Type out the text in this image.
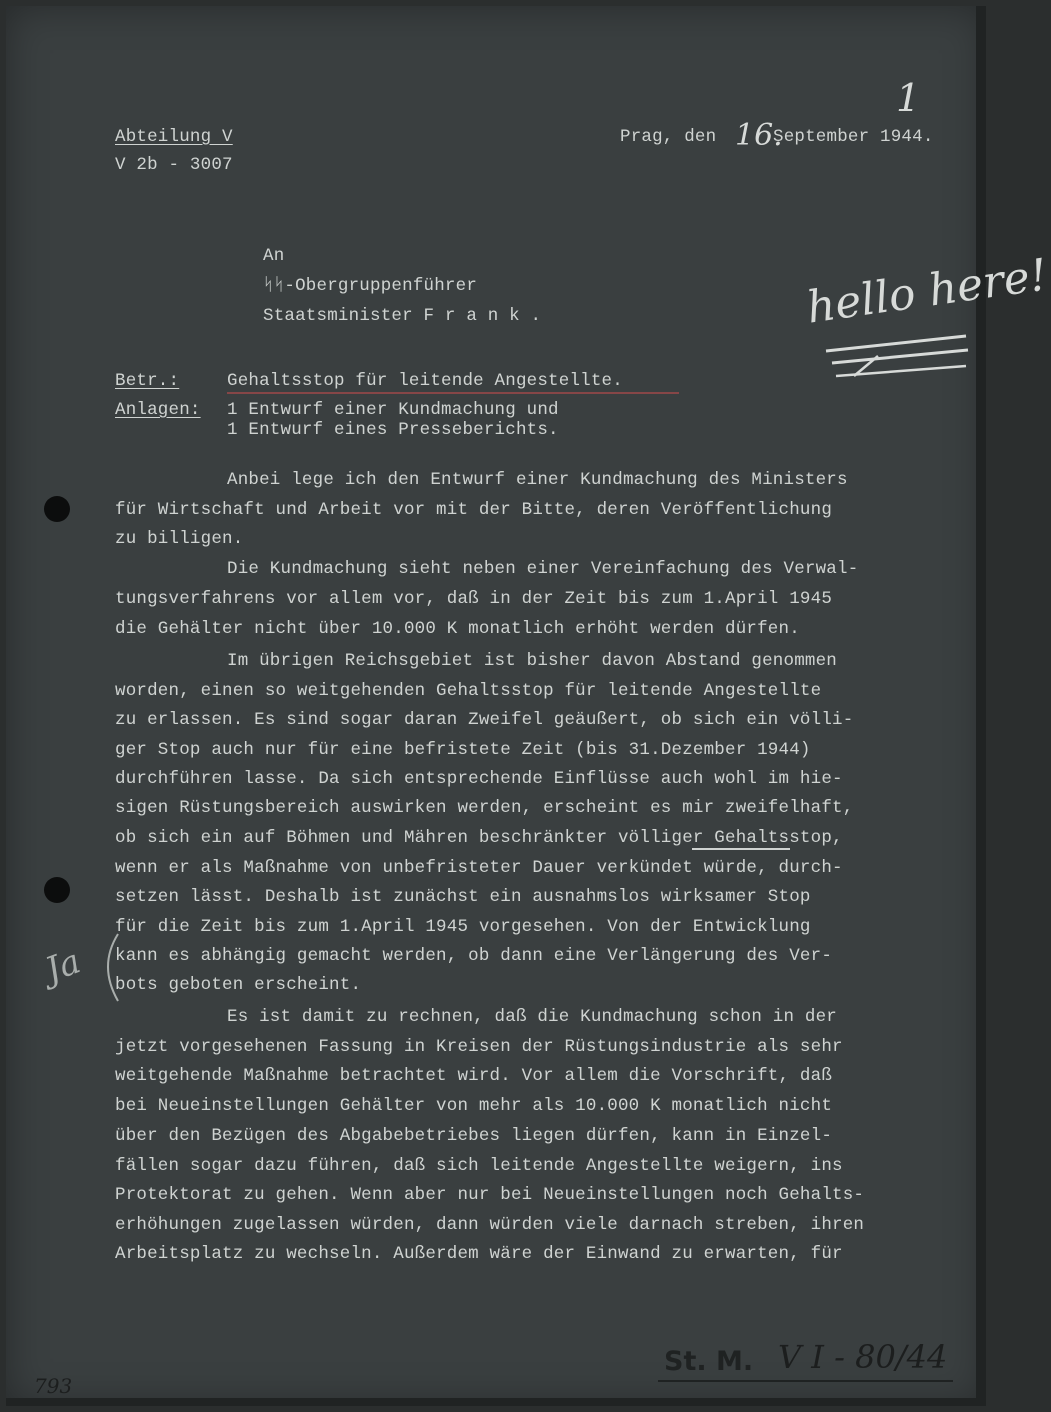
Abteilung V

V 2b - 3007

Prag, den 16.

September 1944.

1

An

ᛋᛋ-Obergruppenführer

Staatsminister F r a n k .	hello here!

Betr.:	Gehaltsstop für leitende Angestellte.

Anlagen: 1 Entwurf einer Kundmachung und

1 Entwurf eines Presseberichts.

Anbei lege ich den Entwurf einer Kundmachung des Ministers

für Wirtschaft und Arbeit vor mit der Bitte, deren Veröffentlichung

zu billigen.

Die Kundmachung sieht neben einer Vereinfachung des Verwal-

tungsverfahrens vor allem vor, daß in der Zeit bis zum 1.April 1945

die Gehälter nicht über 10.000 K monatlich erhöht werden dürfen.

Im übrigen Reichsgebiet ist bisher davon Abstand genommen

worden, einen so weitgehenden Gehaltsstop für leitende Angestellte

zu erlassen. Es sind sogar daran Zweifel geäußert, ob sich ein völli-

ger Stop auch nur für eine befristete Zeit (bis 31.Dezember 1944)

durchführen lasse. Da sich entsprechende Einflüsse auch wohl im hie-

sigen Rüstungsbereich auswirken werden, erscheint es mir zweifelhaft,

ob sich ein auf Böhmen und Mähren beschränkter völliger Gehaltsstop,

wenn er als Maßnahme von unbefristeter Dauer verkündet würde, durch-

setzen lässt. Deshalb ist zunächst ein ausnahmslos wirksamer Stop

für die Zeit bis zum 1.April 1945 vorgesehen. Von der Entwicklung

kann es abhängig gemacht werden, ob dann eine Verlängerung des Ver-

bots geboten erscheint.

Es ist damit zu rechnen, daß die Kundmachung schon in der

jetzt vorgesehenen Fassung in Kreisen der Rüstungsindustrie als sehr

weitgehende Maßnahme betrachtet wird. Vor allem die Vorschrift, daß

bei Neueinstellungen Gehälter von mehr als 10.000 K monatlich nicht

über den Bezügen des Abgabebetriebes liegen dürfen, kann in Einzel-

fällen sogar dazu führen, daß sich leitende Angestellte weigern, ins

Protektorat zu gehen. Wenn aber nur bei Neueinstellungen noch Gehalts-

erhöhungen zugelassen würden, dann würden viele darnach streben, ihren

Arbeitsplatz zu wechseln. Außerdem wäre der Einwand zu erwarten, für

Ja
St. M. V I - 80/44
793
